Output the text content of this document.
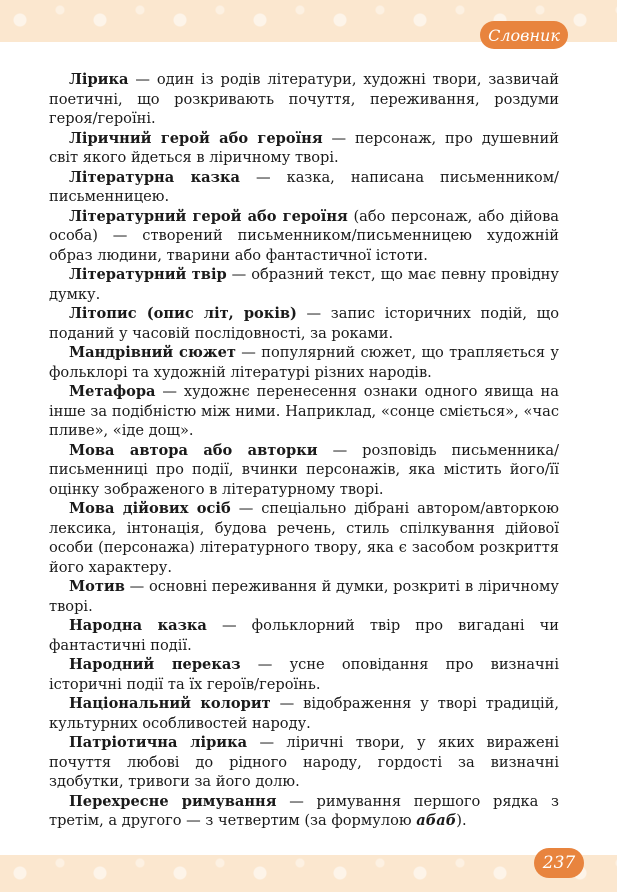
Словник

Лірика — один із родів літератури, художні твори, зазвичай поетичні, що розкривають почуття, переживання, роздуми героя/героїні.

Ліричний герой або героїня — персонаж, про душевний світ якого йдеться в ліричному творі.

Літературна казка — казка, написана письменником/письменницею.

Літературний герой або героїня (або персонаж, або дійова особа) — створений письменником/письменницею художній образ людини, тварини або фантастичної істоти.

Літературний твір — образний текст, що має певну провідну думку.

Літопис (опис літ, років) — запис історичних подій, що поданий у часовій послідовності, за роками.

Мандрівний сюжет — популярний сюжет, що трапляється у фольклорі та художній літературі різних народів.

Метафора — художнє перенесення ознаки одного явища на інше за подібністю між ними. Наприклад, «сонце сміється», «час пливе», «іде дощ».

Мова автора або авторки — розповідь письменника/письменниці про події, вчинки персонажів, яка містить його/її оцінку зображеного в літературному творі.

Мова дійових осіб — спеціально дібрані автором/авторкою лексика, інтонація, будова речень, стиль спілкування дійової особи (персонажа) літературного твору, яка є засобом розкриття його характеру.

Мотив — основні переживання й думки, розкриті в ліричному творі.

Народна казка — фольклорний твір про вигадані чи фантастичні події.

Народний переказ — усне оповідання про визначні історичні події та їх героїв/героїнь.

Національний колорит — відображення у творі традицій, культурних особливостей народу.

Патріотична лірика — ліричні твори, у яких виражені почуття любові до рідного народу, гордості за визначні здобутки, тривоги за його долю.

Перехресне римування — римування першого рядка з третім, а другого — з четвертим (за формулою абаб).

237
